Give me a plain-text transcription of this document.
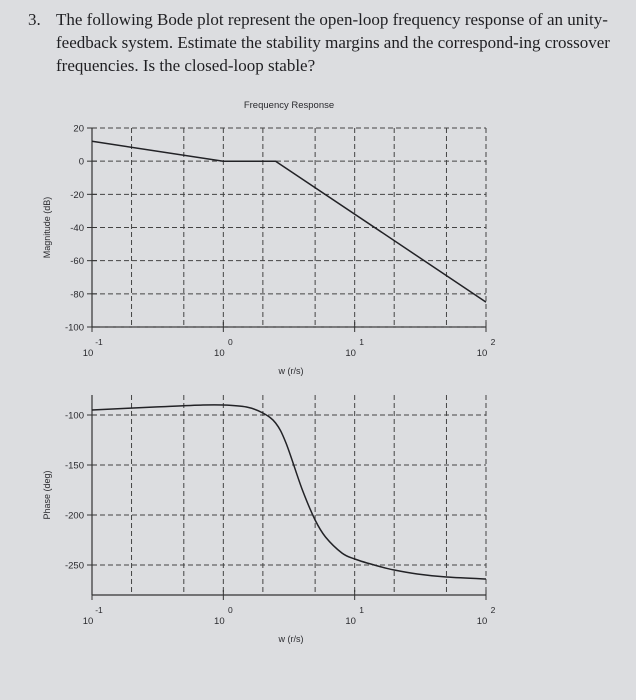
3. The following Bode plot represent the open-loop frequency response of an unity-feedback system. Estimate the stability margins and the correspond-ing crossover frequencies. Is the closed-loop stable?
20
0
-20
-40
-60
-80
-100
10
-1
10
0
10
1
10
2
w (r/s)
Magnitude (dB)
Frequency Response
-100
-150
-200
-250
10
-1
10
0
10
1
10
2
w (r/s)
Phase (deg)
